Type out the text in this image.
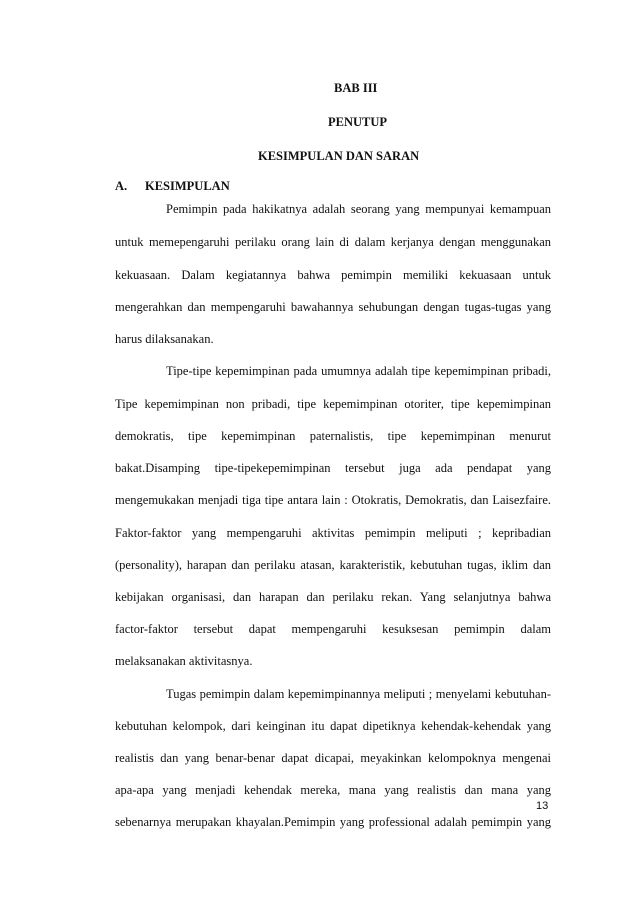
BAB III
PENUTUP
KESIMPULAN DAN SARAN
A. KESIMPULAN
Pemimpin pada hakikatnya adalah seorang yang mempunyai kemampuan
untuk memepengaruhi perilaku orang lain di dalam kerjanya dengan menggunakan
kekuasaan. Dalam kegiatannya bahwa pemimpin memiliki kekuasaan untuk
mengerahkan dan mempengaruhi bawahannya sehubungan dengan tugas-tugas yang
harus dilaksanakan.
Tipe-tipe kepemimpinan pada umumnya adalah tipe kepemimpinan pribadi,
Tipe kepemimpinan non pribadi, tipe kepemimpinan otoriter, tipe kepemimpinan
demokratis, tipe kepemimpinan paternalistis, tipe kepemimpinan menurut
bakat.Disamping tipe-tipekepemimpinan tersebut juga ada pendapat yang
mengemukakan menjadi tiga tipe antara lain : Otokratis, Demokratis, dan Laisezfaire.
Faktor-faktor yang mempengaruhi aktivitas pemimpin meliputi ; kepribadian
(personality), harapan dan perilaku atasan, karakteristik, kebutuhan tugas, iklim dan
kebijakan organisasi, dan harapan dan perilaku rekan. Yang selanjutnya bahwa
factor-faktor tersebut dapat mempengaruhi kesuksesan pemimpin dalam
melaksanakan aktivitasnya.
Tugas pemimpin dalam kepemimpinannya meliputi ; menyelami kebutuhan-
kebutuhan kelompok, dari keinginan itu dapat dipetiknya kehendak-kehendak yang
realistis dan yang benar-benar dapat dicapai, meyakinkan kelompoknya mengenai
apa-apa yang menjadi kehendak mereka, mana yang realistis dan mana yang
sebenarnya merupakan khayalan.Pemimpin yang professional adalah pemimpin yang
13
